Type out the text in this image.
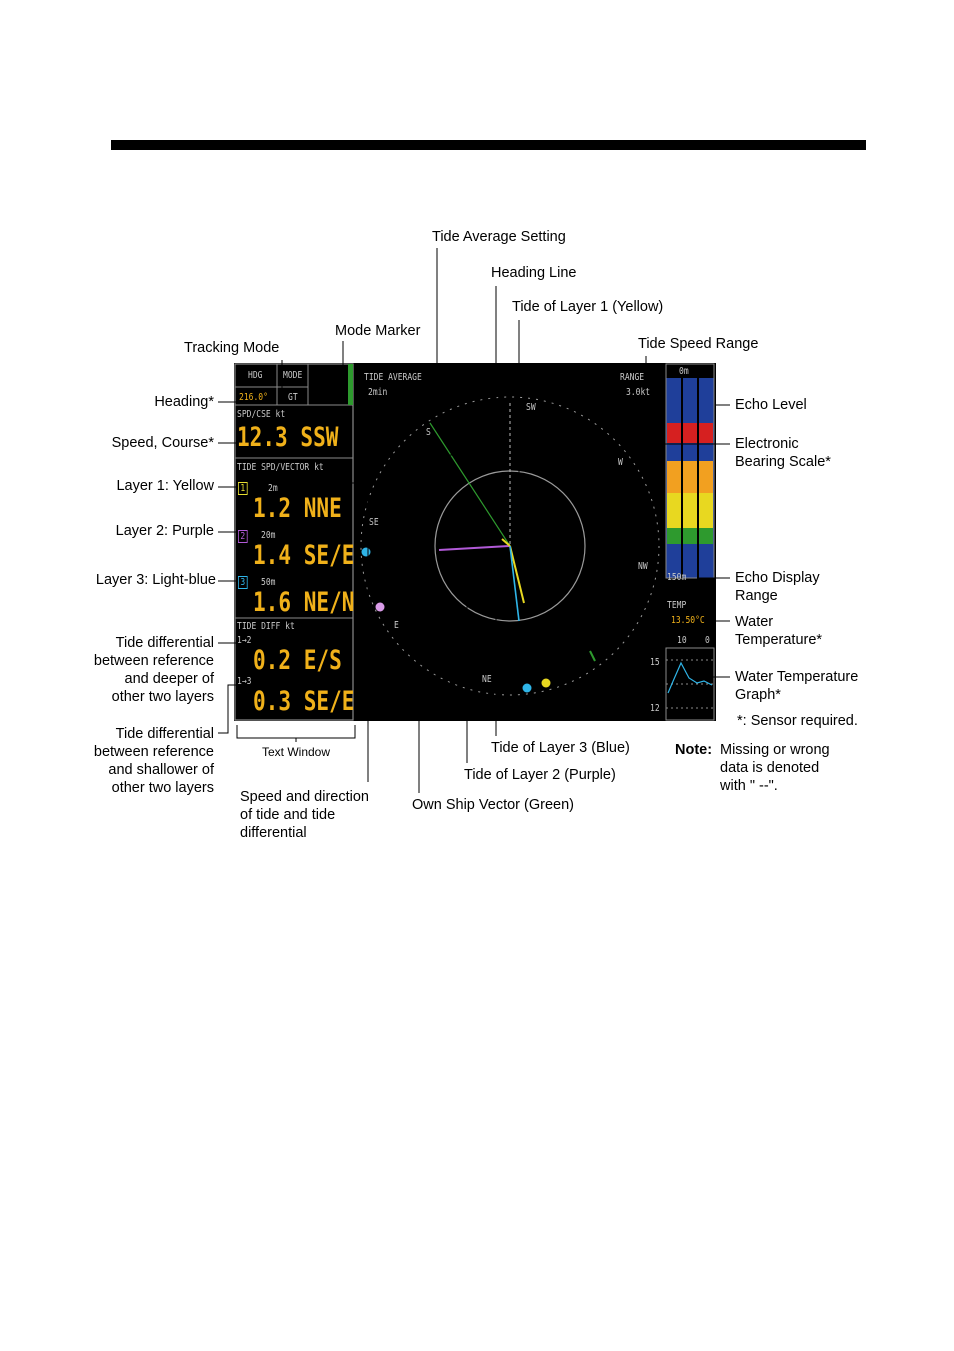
Tide Average Setting
Heading Line
Tide of Layer 1 (Yellow)
Mode Marker
Tide Speed Range
Tracking Mode
Heading*
Speed, Course*
Layer 1: Yellow
Layer 2: Purple
Layer 3: Light-blue
Tide differential
between reference
and deeper of
other two layers
Tide differential
between reference
and shallower of
other two layers
Echo Level
Electronic
Bearing Scale*
Echo Display
Range
Water
Temperature*
Water Temperature
Graph*
*: Sensor required.
Note: Missing or wrong
data is denoted
with " --".
Text Window	Tide of Layer 3 (Blue)
Tide of Layer 2 (Purple)
Speed and direction
of tide and tide
differential
Own Ship Vector (Green)
HDG MODE
216.0° GT
SPD/CSE kt
12.3 SSW
TIDE SPD/VECTOR kt
1 2m
1.2 NNE
2 20m
1.4 SE/E
3 50m
1.6 NE/N
TIDE DIFF kt
1→2
0.2 E/S
1→3
0.3 SE/E
TIDE AVERAGE
2min
RANGE
3.0kt
SW
S
W
NW
SE
E
NE
0m
150m
TEMP
13.50°C
10 0
15
12
